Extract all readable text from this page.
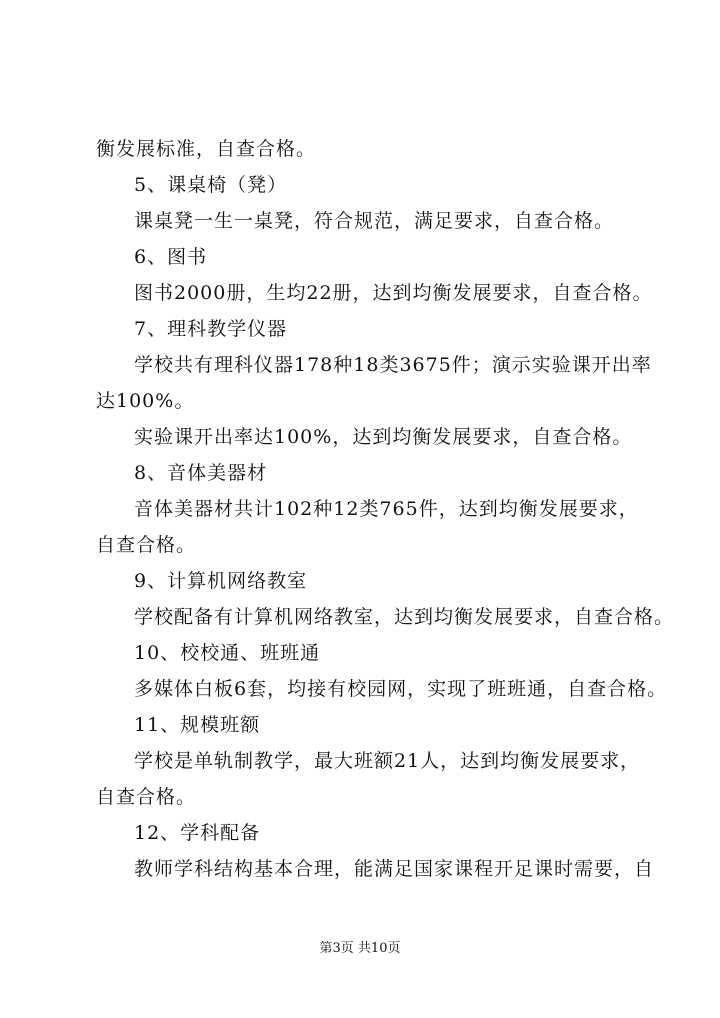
衡发展标准，自查合格。
5、课桌椅（凳）
课桌凳一生一桌凳，符合规范，满足要求，自查合格。
6、图书
图书2000册，生均22册，达到均衡发展要求，自查合格。
7、理科教学仪器
学校共有理科仪器178种18类3675件；演示实验课开出率
达100%。
实验课开出率达100%，达到均衡发展要求，自查合格。
8、音体美器材
音体美器材共计102种12类765件，达到均衡发展要求，
自查合格。
9、计算机网络教室
学校配备有计算机网络教室，达到均衡发展要求，自查合格。
10、校校通、班班通
多媒体白板6套，均接有校园网，实现了班班通，自查合格。
11、规模班额
学校是单轨制教学，最大班额21人，达到均衡发展要求，
自查合格。
12、学科配备
教师学科结构基本合理，能满足国家课程开足课时需要，自
第3页 共10页
